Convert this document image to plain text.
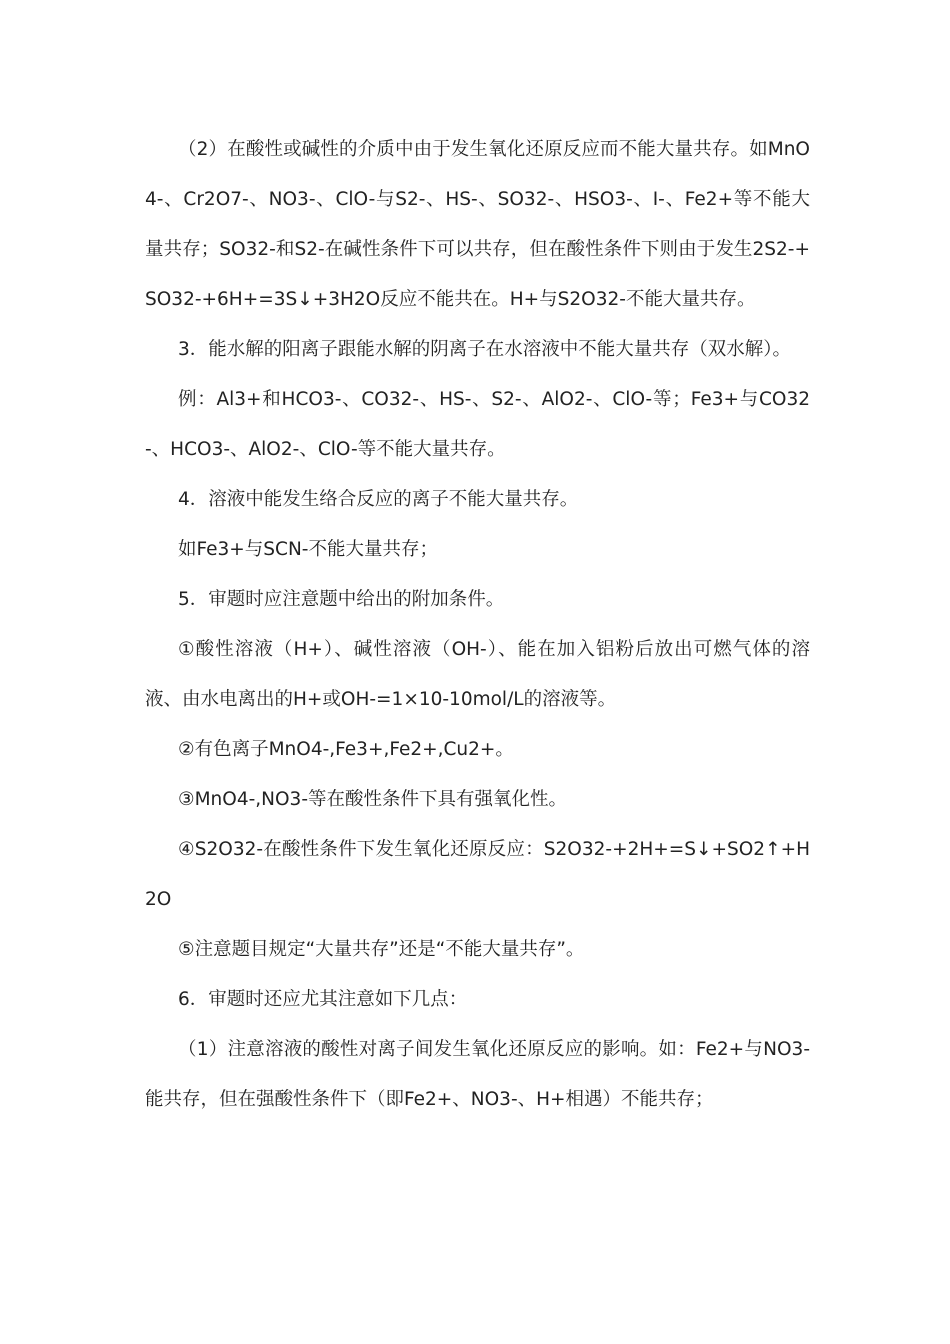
（2）在酸性或碱性的介质中由于发生氧化还原反应而不能大量共存。如MnO4-、Cr2O7-、NO3-、ClO-与S2-、HS-、SO32-、HSO3-、I-、Fe2+等不能大量共存；SO32-和S2-在碱性条件下可以共存，但在酸性条件下则由于发生2S2-+SO32-+6H+=3S↓+3H2O反应不能共在。H+与S2O32-不能大量共存。

3．能水解的阳离子跟能水解的阴离子在水溶液中不能大量共存（双水解）。

例：Al3+和HCO3-、CO32-、HS-、S2-、AlO2-、ClO-等；Fe3+与CO32-、HCO3-、AlO2-、ClO-等不能大量共存。

4．溶液中能发生络合反应的离子不能大量共存。

如Fe3+与SCN-不能大量共存；

5．审题时应注意题中给出的附加条件。

①酸性溶液（H+）、碱性溶液（OH-）、能在加入铝粉后放出可燃气体的溶液、由水电离出的H+或OH-=1×10-10mol/L的溶液等。

②有色离子MnO4-,Fe3+,Fe2+,Cu2+。

③MnO4-,NO3-等在酸性条件下具有强氧化性。

④S2O32-在酸性条件下发生氧化还原反应：S2O32-+2H+=S↓+SO2↑+H2O

⑤注意题目规定“大量共存”还是“不能大量共存”。

6．审题时还应尤其注意如下几点：

（1）注意溶液的酸性对离子间发生氧化还原反应的影响。如：Fe2+与NO3-能共存，但在强酸性条件下（即Fe2+、NO3-、H+相遇）不能共存；
